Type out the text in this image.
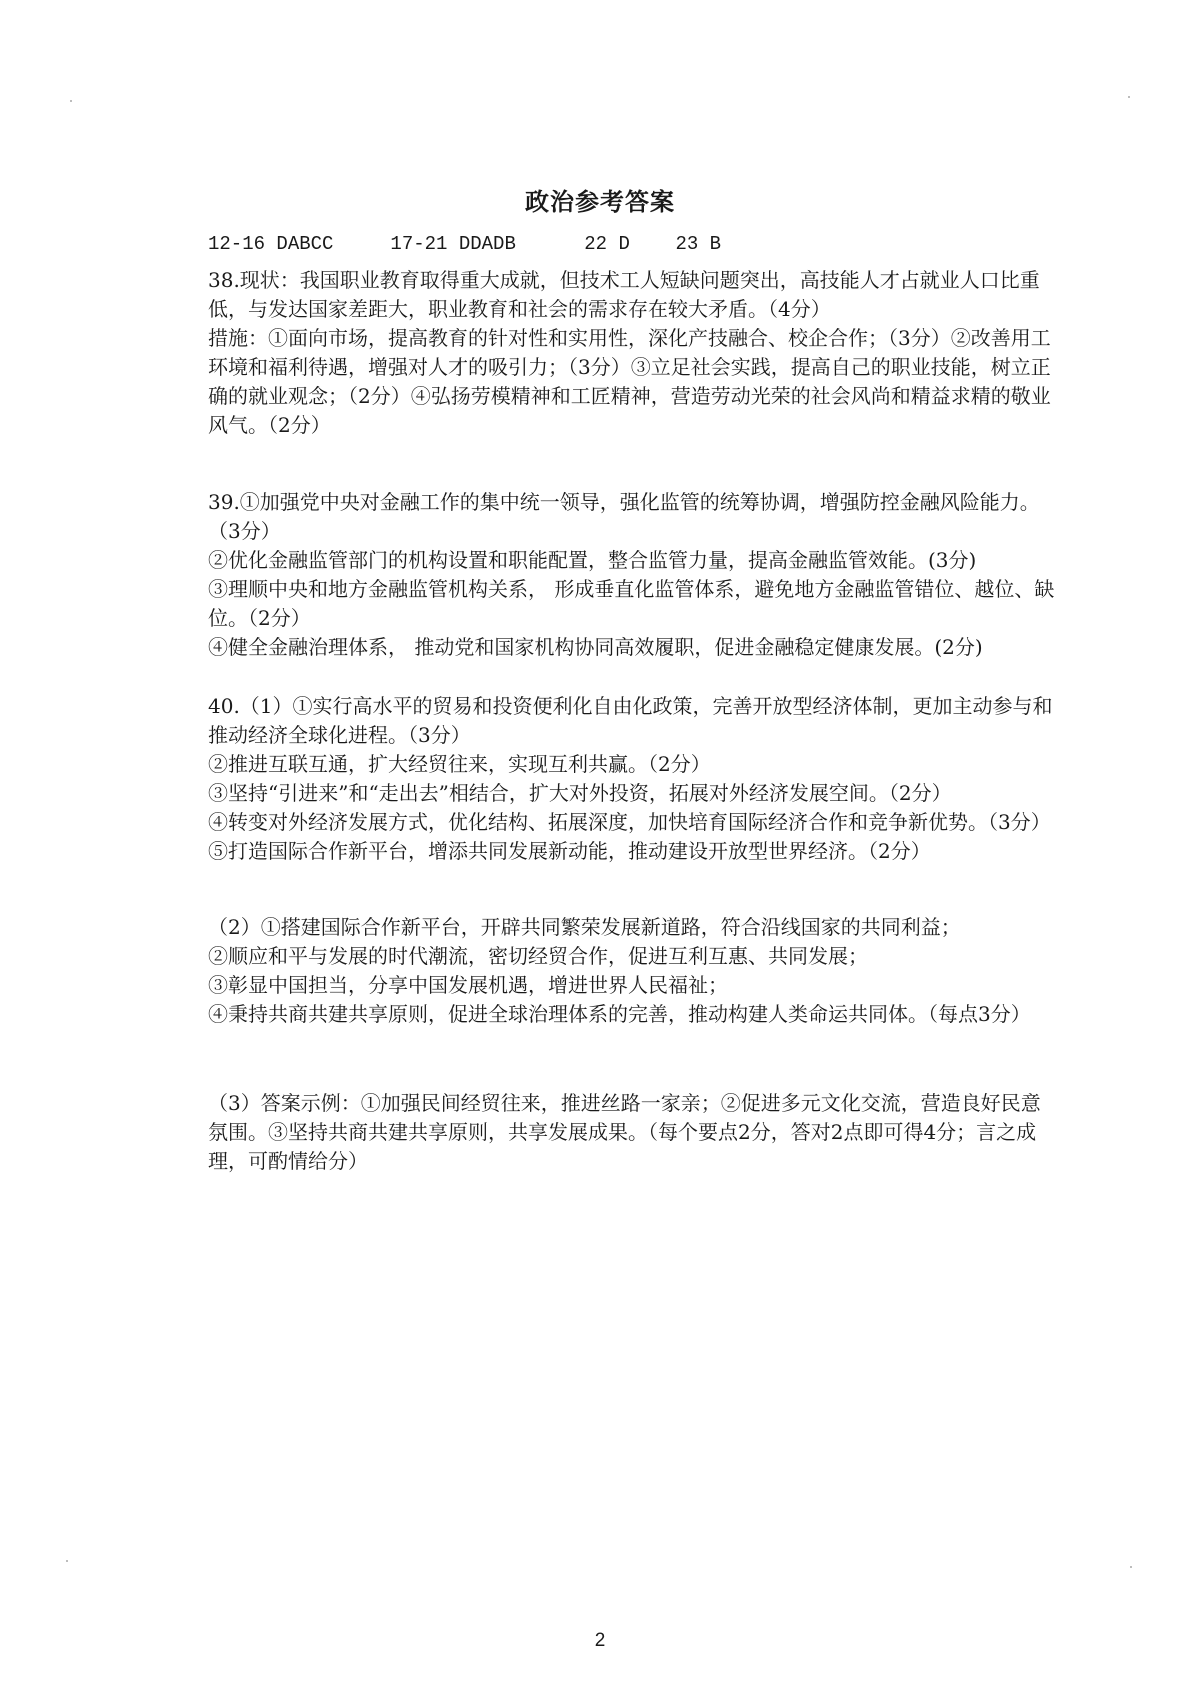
政治参考答案
12-16 DABCC     17-21 DDADB      22 D    23 B

38.现状：我国职业教育取得重大成就，但技术工人短缺问题突出，高技能人才占就业人口比重低，与发达国家差距大，职业教育和社会的需求存在较大矛盾。（4分）

措施：①面向市场，提高教育的针对性和实用性，深化产技融合、校企合作；（3分）②改善用工环境和福利待遇，增强对人才的吸引力；（3分）③立足社会实践，提高自己的职业技能，树立正确的就业观念；（2分）④弘扬劳模精神和工匠精神，营造劳动光荣的社会风尚和精益求精的敬业风气。（2分）

39.①加强党中央对金融工作的集中统一领导，强化监管的统筹协调，增强防控金融风险能力。（3分）

②优化金融监管部门的机构设置和职能配置，整合监管力量，提高金融监管效能。(3分)

③理顺中央和地方金融监管机构关系， 形成垂直化监管体系，避免地方金融监管错位、越位、缺位。（2分）

④健全金融治理体系， 推动党和国家机构协同高效履职，促进金融稳定健康发展。(2分)

40.（1）①实行高水平的贸易和投资便利化自由化政策，完善开放型经济体制，更加主动参与和推动经济全球化进程。（3分）

②推进互联互通，扩大经贸往来，实现互利共赢。（2分）

③坚持“引进来”和“走出去”相结合，扩大对外投资，拓展对外经济发展空间。（2分）

④转变对外经济发展方式，优化结构、拓展深度，加快培育国际经济合作和竞争新优势。（3分）

⑤打造国际合作新平台，增添共同发展新动能，推动建设开放型世界经济。（2分）

（2）①搭建国际合作新平台，开辟共同繁荣发展新道路，符合沿线国家的共同利益；

②顺应和平与发展的时代潮流，密切经贸合作，促进互利互惠、共同发展；

③彰显中国担当，分享中国发展机遇，增进世界人民福祉；

④秉持共商共建共享原则，促进全球治理体系的完善，推动构建人类命运共同体。（每点3分）

（3）答案示例：①加强民间经贸往来，推进丝路一家亲；②促进多元文化交流，营造良好民意氛围。③坚持共商共建共享原则，共享发展成果。（每个要点2分，答对2点即可得4分；言之成理，可酌情给分）

2
